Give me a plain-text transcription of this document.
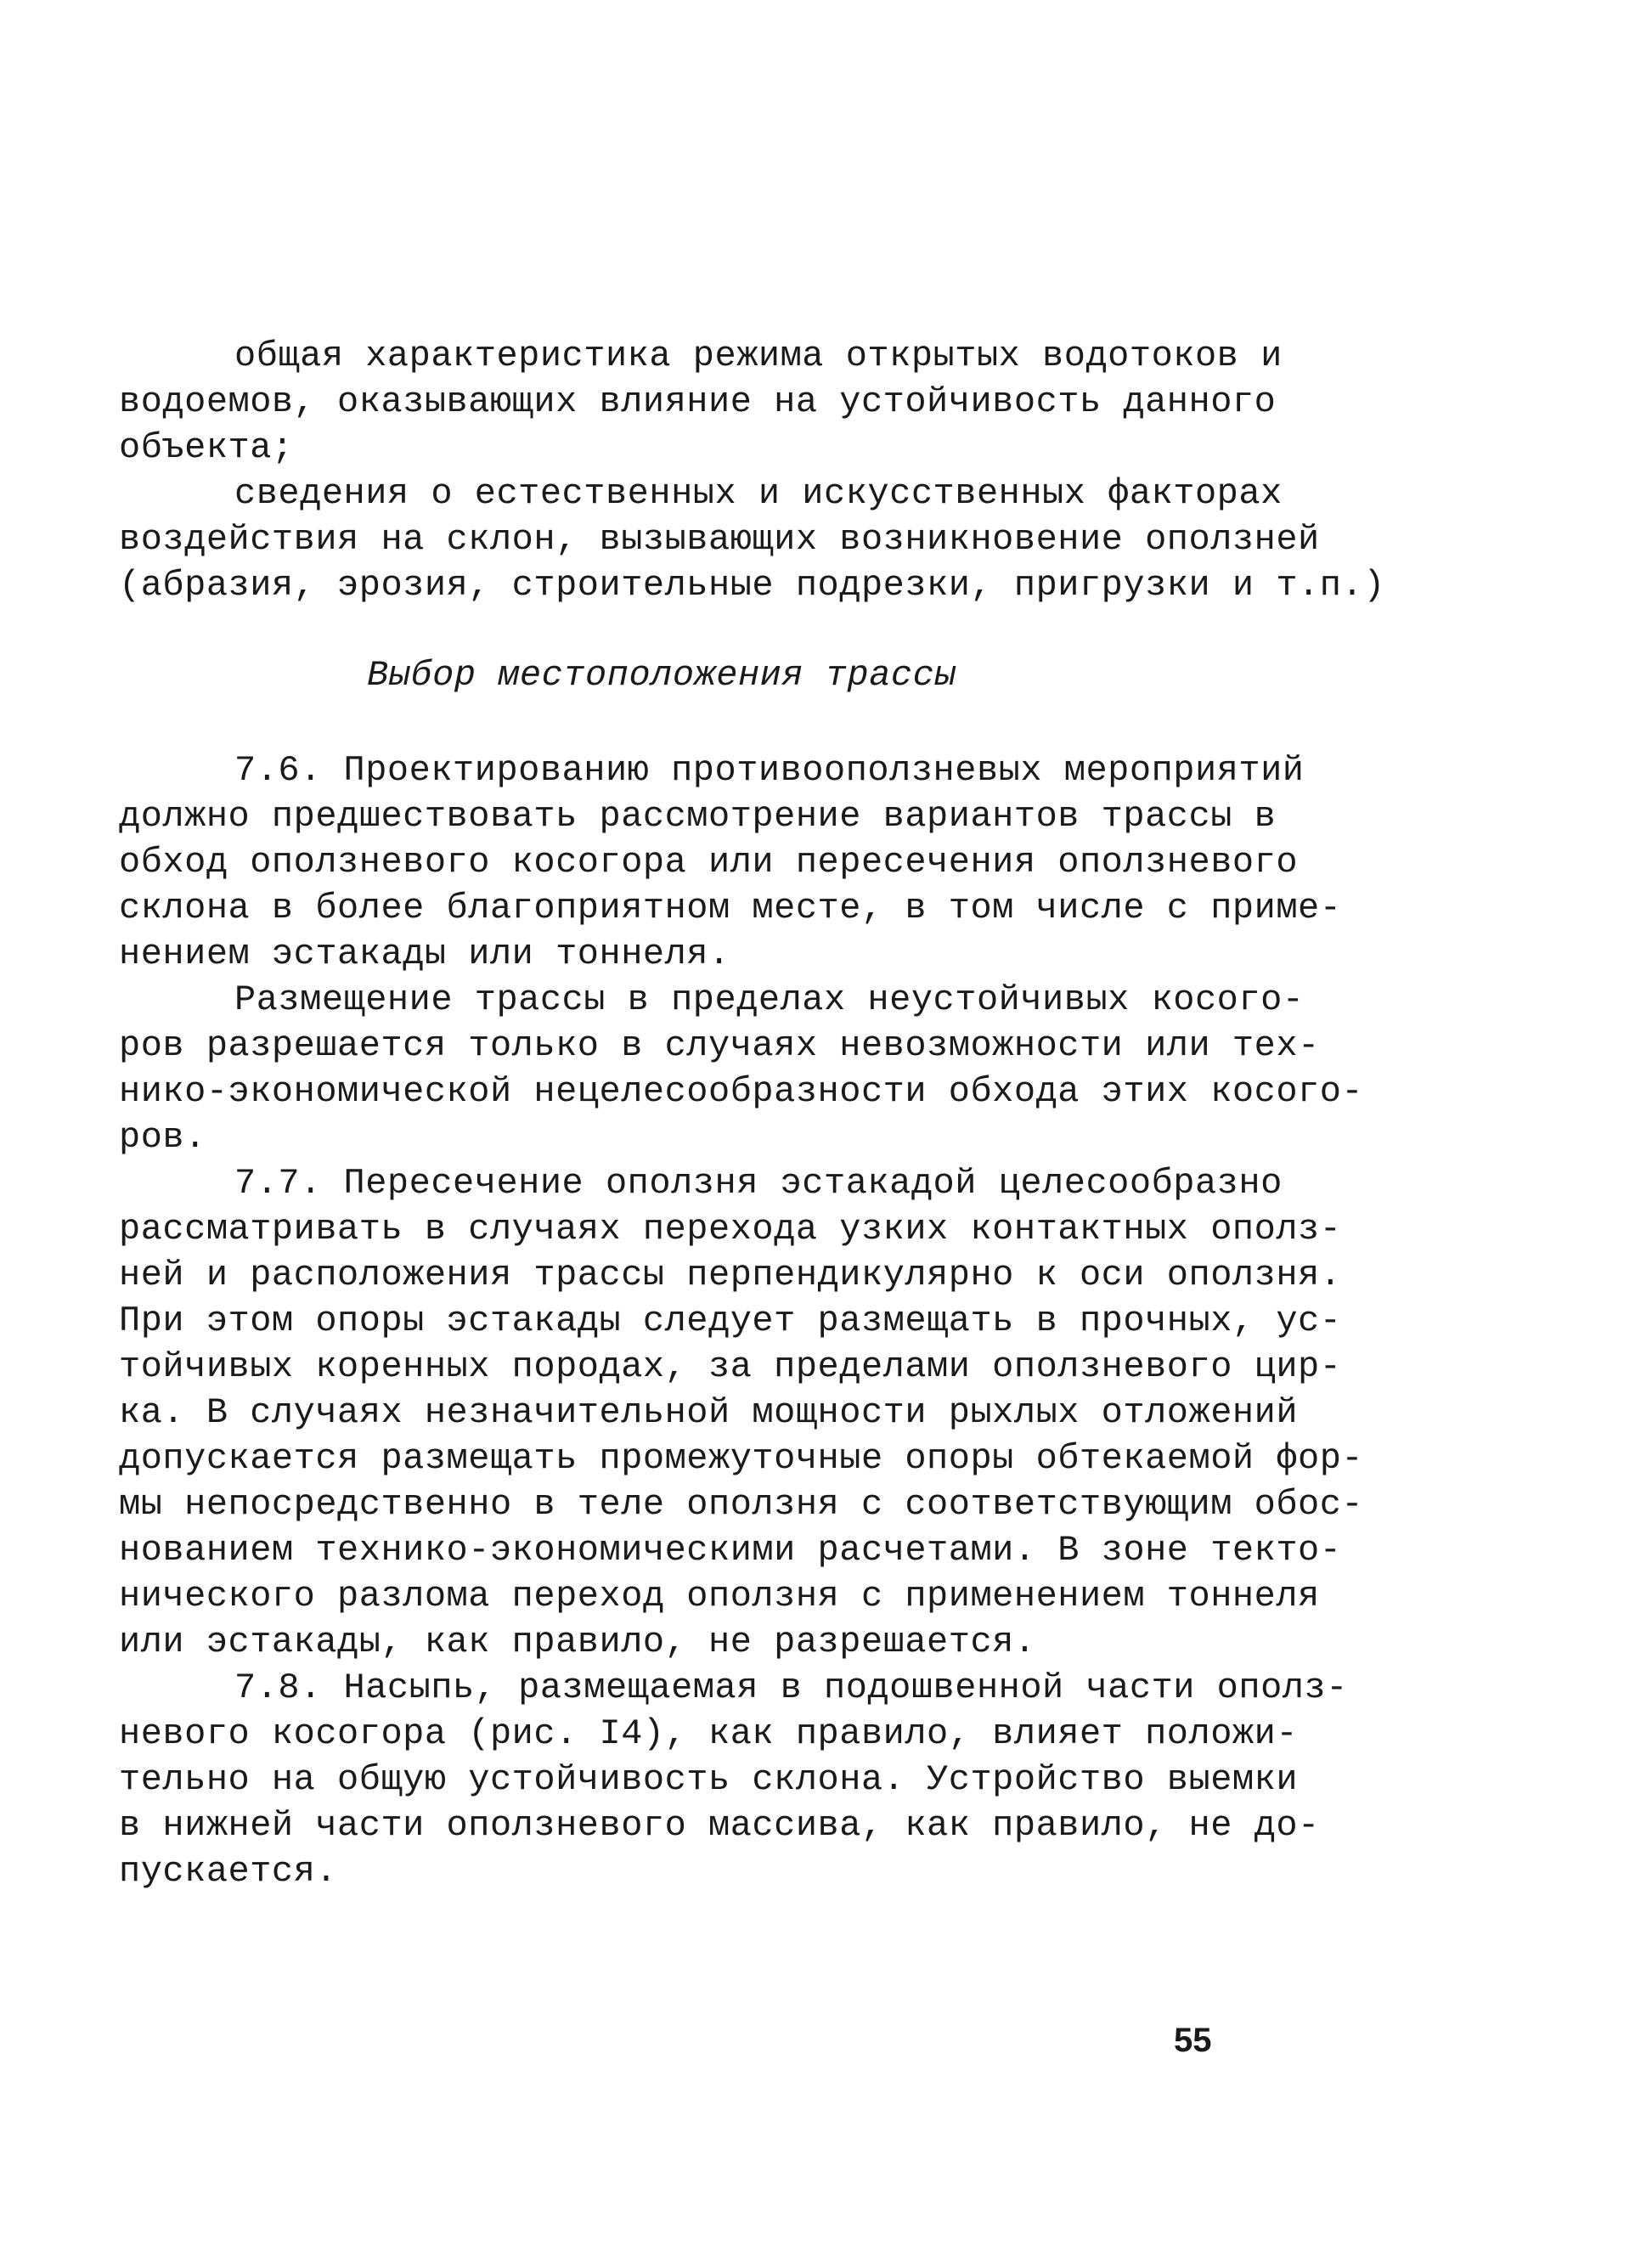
общая характеристика режима открытых водотоков и
водоемов, оказывающих влияние на устойчивость данного
объекта;
сведения о естественных и искусственных факторах
воздействия на склон, вызывающих возникновение оползней
(абразия, эрозия, строительные подрезки, пригрузки и т.п.)
Выбор местоположения трассы
7.6. Проектированию противооползневых мероприятий
должно предшествовать рассмотрение вариантов трассы в
обход оползневого косогора или пересечения оползневого
склона в более благоприятном месте, в том числе с приме-
нением эстакады или тоннеля.
Размещение трассы в пределах неустойчивых косого-
ров разрешается только в случаях невозможности или тех-
нико-экономической нецелесообразности обхода этих косого-
ров.
7.7. Пересечение оползня эстакадой целесообразно
рассматривать в случаях перехода узких контактных ополз-
ней и расположения трассы перпендикулярно к оси оползня.
При этом опоры эстакады следует размещать в прочных, ус-
тойчивых коренных породах, за пределами оползневого цир-
ка. В случаях незначительной мощности рыхлых отложений
допускается размещать промежуточные опоры обтекаемой фор-
мы непосредственно в теле оползня с соответствующим обос-
нованием технико-экономическими расчетами. В зоне текто-
нического разлома переход оползня с применением тоннеля
или эстакады, как правило, не разрешается.
7.8. Насыпь, размещаемая в подошвенной части ополз-
невого косогора (рис. I4), как правило, влияет положи-
тельно на общую устойчивость склона. Устройство выемки
в нижней части оползневого массива, как правило, не до-
пускается.
55
